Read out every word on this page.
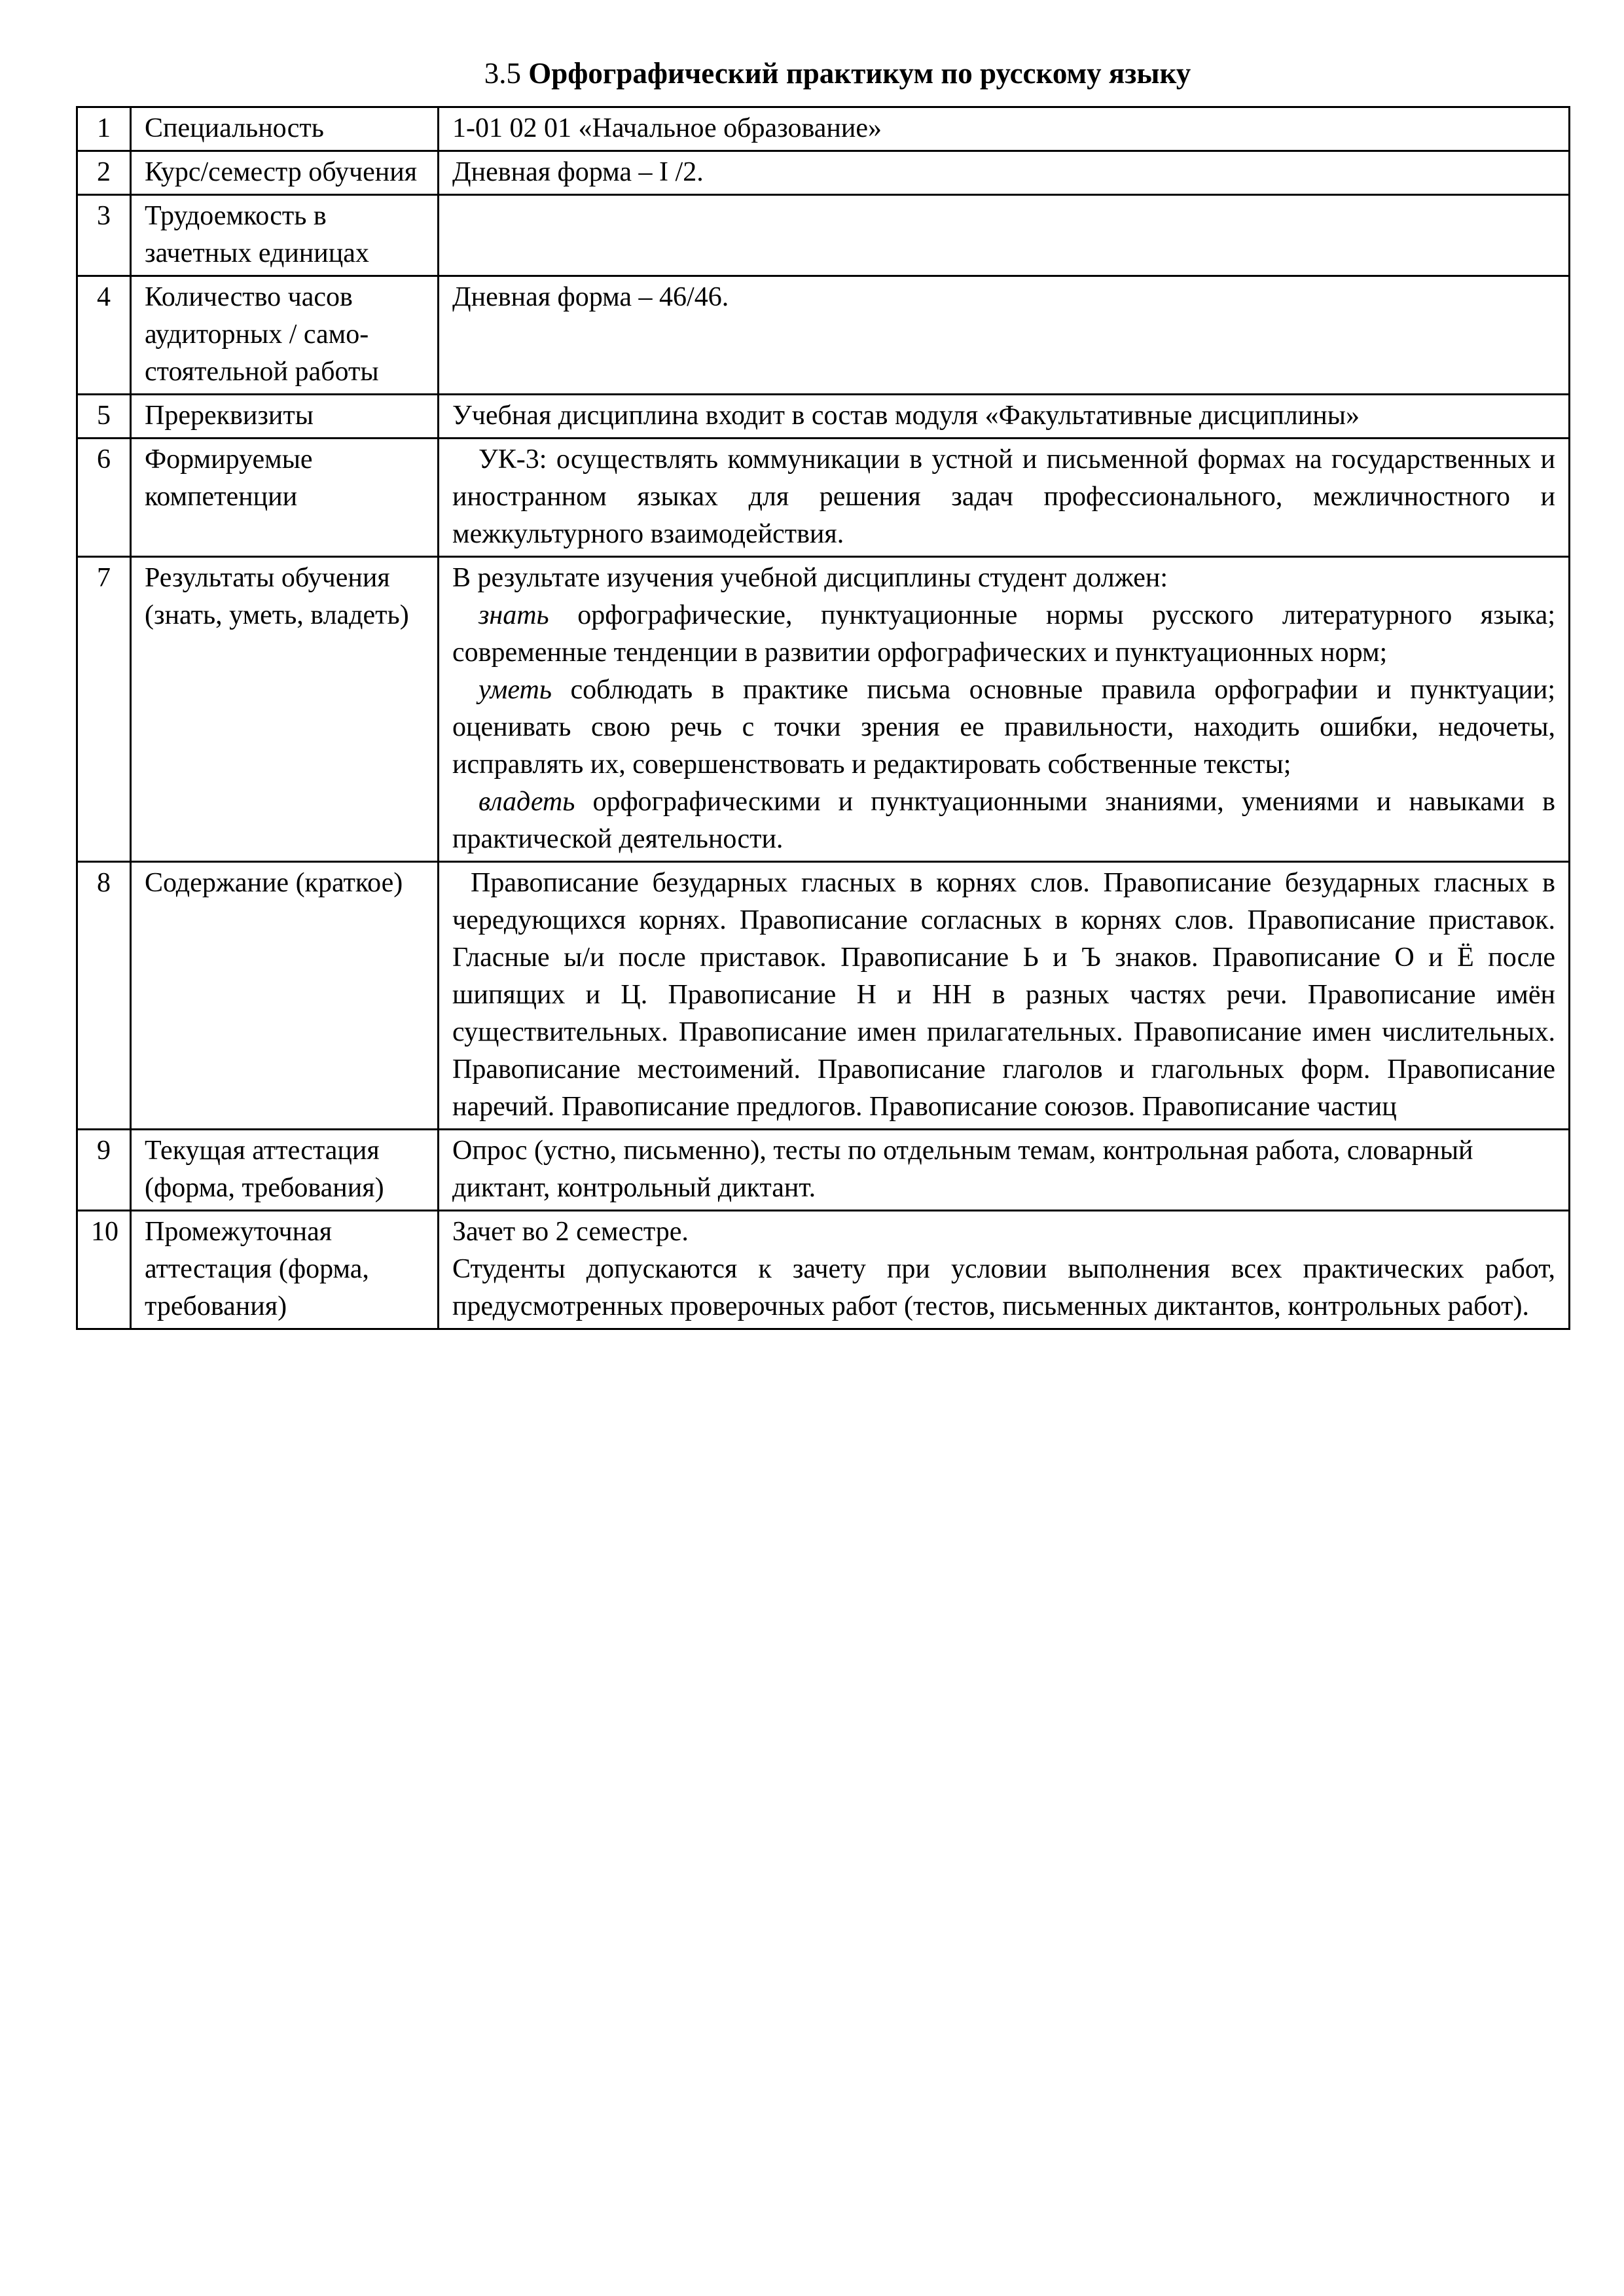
3.5 Орфографический практикум по русскому языку
1	Специальность	1-01 02 01 «Начальное образование»

2	Курс/семестр обучения	Дневная форма – I /2.

3	Трудоемкость в зачетных единицах	

4	Количество часов аудиторных / само-стоятельной работы	Дневная форма – 46/46.

5	Пререквизиты	Учебная дисциплина входит в состав модуля «Факультативные дисциплины»

6	Формируемые компетенции	УК-3: осуществлять коммуникации в устной и письменной формах на государственных и иностранном языках для решения задач профессионального, межличностного и межкультурного взаимодействия.

7	Результаты обучения (знать, уметь, владеть)	В результате изучения учебной дисциплины студент должен:

знать орфографические, пунктуационные нормы русского литературного языка; современные тенденции в развитии орфографических и пунктуационных норм;

уметь соблюдать в практике письма основные правила орфографии и пунктуации; оценивать свою речь с точки зрения ее правильности, находить ошибки, недочеты, исправлять их, совершенствовать и редактировать собственные тексты;

владеть орфографическими и пунктуационными знаниями, умениями и навыками в практической деятельности.

8	Содержание (краткое)	Правописание безударных гласных в корнях слов. Правописание безударных гласных в чередующихся корнях. Правописание согласных в корнях слов. Правописание приставок. Гласные ы/и после приставок. Правописание Ь и Ъ знаков. Правописание О и Ё после шипящих и Ц. Правописание Н и НН в разных частях речи. Правописание имён существительных. Правописание имен прилагательных. Правописание имен числительных. Правописание местоимений. Правописание глаголов и глагольных форм. Правописание наречий. Правописание предлогов. Правописание союзов. Правописание частиц

9	Текущая аттестация (форма, требования)	Опрос (устно, письменно), тесты по отдельным темам, контрольная работа, словарный диктант, контрольный диктант.

10	Промежуточная аттестация (форма, требования)	Зачет во 2 семестре.

Студенты допускаются к зачету при условии выполнения всех практических работ, предусмотренных проверочных работ (тестов, письменных диктантов, контрольных работ).
